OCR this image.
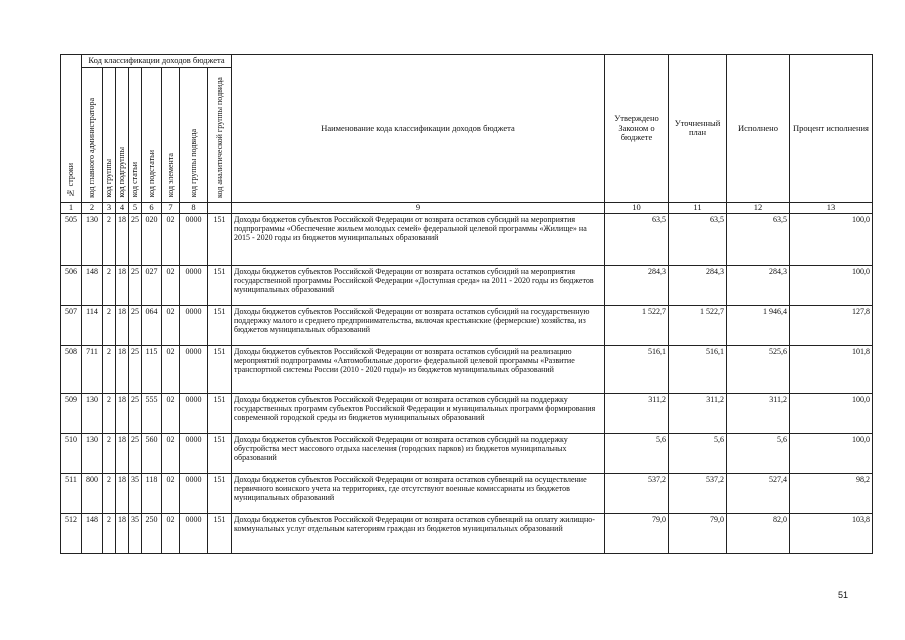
№ строки	Код классификации доходов бюджета								Наименование кода классификации доходов бюджета	Утверждено Законом о бюджете	Уточненный план	Исполнено	Процент исполнения
	код главного администратора	код группы	код подгруппы	код статьи	код подстатьи	код элемента	код группы подвида	код аналитической группы подвида					
1	2	3	4	5	6	7	8		9	10	11	12	13
505	130	2	18	25	020	02	0000	151	Доходы бюджетов субъектов Российской Федерации от возврата остатков субсидий на мероприятия подпрограммы «Обеспечение жильем молодых семей» федеральной целевой программы «Жилище» на 2015 - 2020 годы из бюджетов муниципальных образований	63,5	63,5	63,5	100,0
506	148	2	18	25	027	02	0000	151	Доходы бюджетов субъектов Российской Федерации от возврата остатков субсидий на мероприятия государственной программы Российской Федерации «Доступная среда» на 2011 - 2020 годы из бюджетов муниципальных образований	284,3	284,3	284,3	100,0
507	114	2	18	25	064	02	0000	151	Доходы бюджетов субъектов Российской Федерации от возврата остатков субсидий на государственную поддержку малого и среднего предпринимательства, включая крестьянские (фермерские) хозяйства, из бюджетов муниципальных образований	1 522,7	1 522,7	1 946,4	127,8
508	711	2	18	25	115	02	0000	151	Доходы бюджетов субъектов Российской Федерации от возврата остатков субсидий на реализацию мероприятий подпрограммы «Автомобильные дороги» федеральной целевой программы «Развитие транспортной системы России (2010 - 2020 годы)» из бюджетов муниципальных образований	516,1	516,1	525,6	101,8
509	130	2	18	25	555	02	0000	151	Доходы бюджетов субъектов Российской Федерации от возврата остатков субсидий на поддержку государственных программ субъектов Российской Федерации и муниципальных программ формирования современной городской среды из бюджетов муниципальных образований	311,2	311,2	311,2	100,0
510	130	2	18	25	560	02	0000	151	Доходы бюджетов субъектов Российской Федерации от возврата остатков субсидий на поддержку обустройства мест массового отдыха населения (городских парков) из бюджетов муниципальных образований	5,6	5,6	5,6	100,0
511	800	2	18	35	118	02	0000	151	Доходы бюджетов субъектов Российской Федерации от возврата остатков субвенций на осуществление первичного воинского учета на территориях, где отсутствуют военные комиссариаты из бюджетов муниципальных образований	537,2	537,2	527,4	98,2
512	148	2	18	35	250	02	0000	151	Доходы бюджетов субъектов Российской Федерации от возврата остатков субвенций на оплату жилищно-коммунальных услуг отдельным категориям граждан из бюджетов муниципальных образований	79,0	79,0	82,0	103,8
51
